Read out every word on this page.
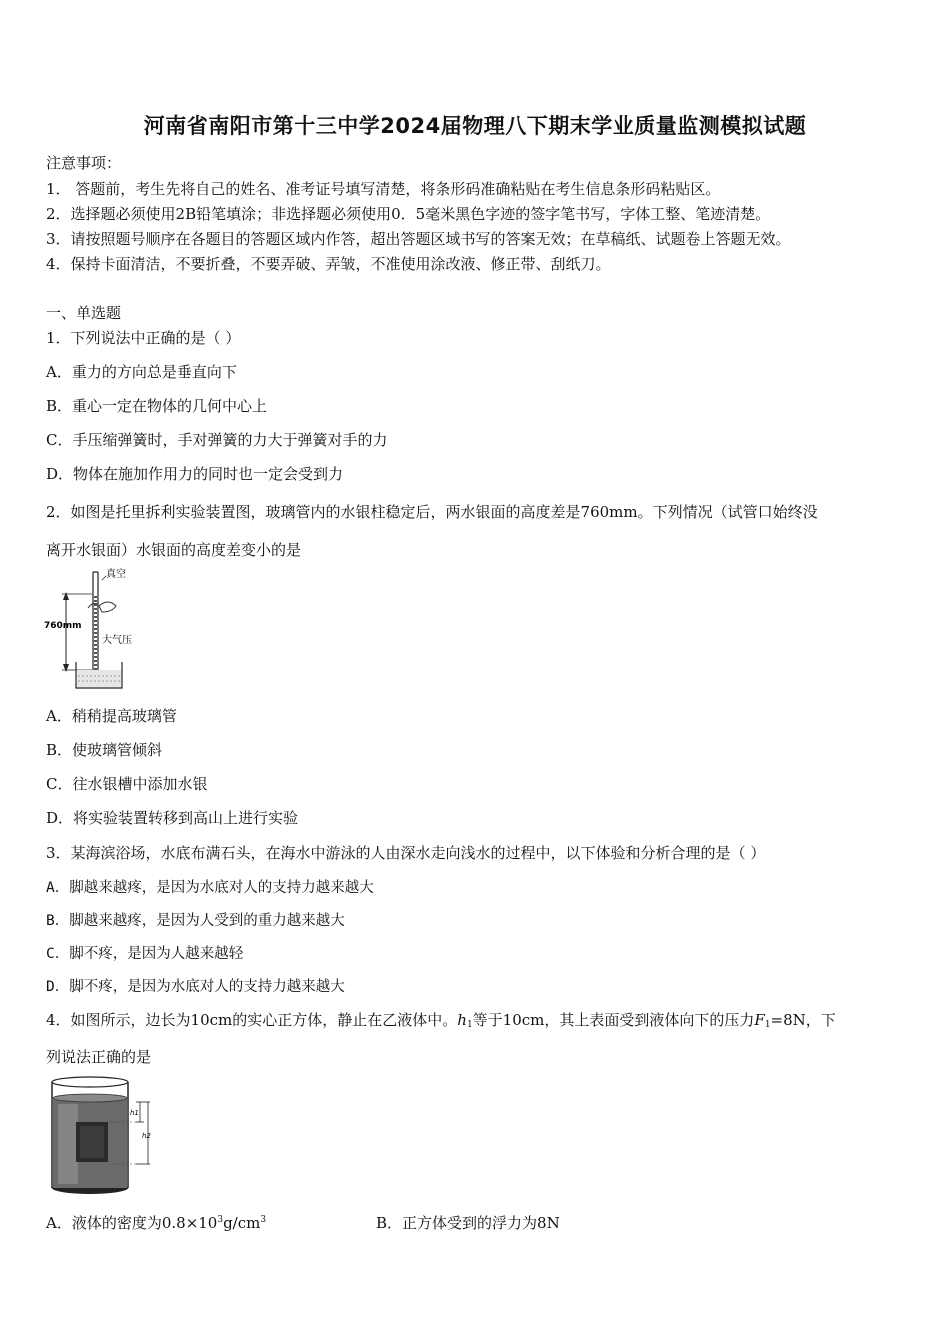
河南省南阳市第十三中学2024届物理八下期末学业质量监测模拟试题
注意事项：
1． 答题前，考生先将自己的姓名、准考证号填写清楚，将条形码准确粘贴在考生信息条形码粘贴区。
2．选择题必须使用2B铅笔填涂；非选择题必须使用0．5毫米黑色字迹的签字笔书写，字体工整、笔迹清楚。
3．请按照题号顺序在各题目的答题区域内作答，超出答题区域书写的答案无效；在草稿纸、试题卷上答题无效。
4．保持卡面清洁，不要折叠，不要弄破、弄皱，不准使用涂改液、修正带、刮纸刀。
一、单选题
1．下列说法中正确的是（ ）
A．重力的方向总是垂直向下
B．重心一定在物体的几何中心上
C．手压缩弹簧时，手对弹簧的力大于弹簧对手的力
D．物体在施加作用力的同时也一定会受到力
2．如图是托里拆利实验装置图，玻璃管内的水银柱稳定后，两水银面的高度差是760mm。下列情况（试管口始终没
离开水银面）水银面的高度差变小的是
真空
760mm
大气压
A．稍稍提高玻璃管
B．使玻璃管倾斜
C．往水银槽中添加水银
D．将实验装置转移到高山上进行实验
3．某海滨浴场，水底布满石头，在海水中游泳的人由深水走向浅水的过程中，以下体验和分析合理的是（ ）
A．脚越来越疼，是因为水底对人的支持力越来越大
B．脚越来越疼，是因为人受到的重力越来越大
C．脚不疼，是因为人越来越轻
D．脚不疼，是因为水底对人的支持力越来越大
4．如图所示，边长为10cm的实心正方体，静止在乙液体中。$h_1$等于10cm，其上表面受到液体向下的压力$F_1=8N$，下
列说法正确的是
h1
h2
A．液体的密度为$0.8\times 10^3g/cm^3$	B．正方体受到的浮力为8N
